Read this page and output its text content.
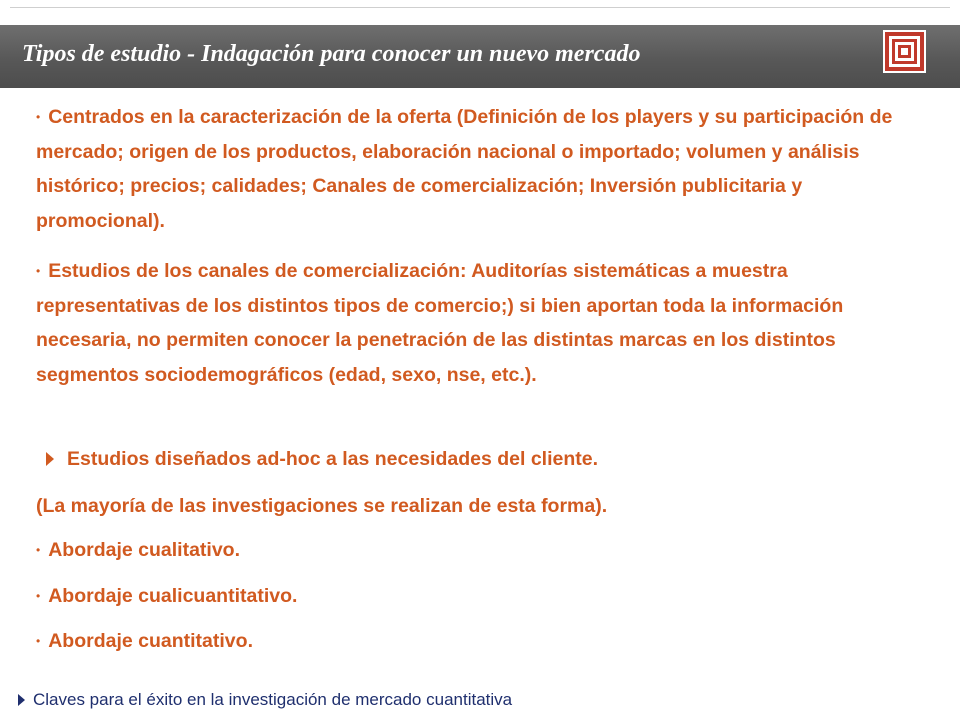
Tipos de estudio - Indagación para conocer un nuevo mercado

• Centrados en la caracterización de la oferta (Definición de los players y su participación de mercado; origen de los productos, elaboración nacional o importado; volumen y análisis histórico; precios; calidades; Canales de comercialización; Inversión publicitaria y promocional).

• Estudios de los canales de comercialización: Auditorías sistemáticas a muestra representativas de los distintos tipos de comercio;) si bien aportan toda la información necesaria, no permiten conocer la penetración de las distintas marcas en los distintos segmentos sociodemográficos (edad, sexo, nse, etc.).

Estudios diseñados ad-hoc a las necesidades del cliente.
(La mayoría de las investigaciones se realizan de esta forma).
• Abordaje cualitativo.
• Abordaje cualicuantitativo.
• Abordaje cuantitativo.
Claves para el éxito en la investigación de mercado cuantitativa
